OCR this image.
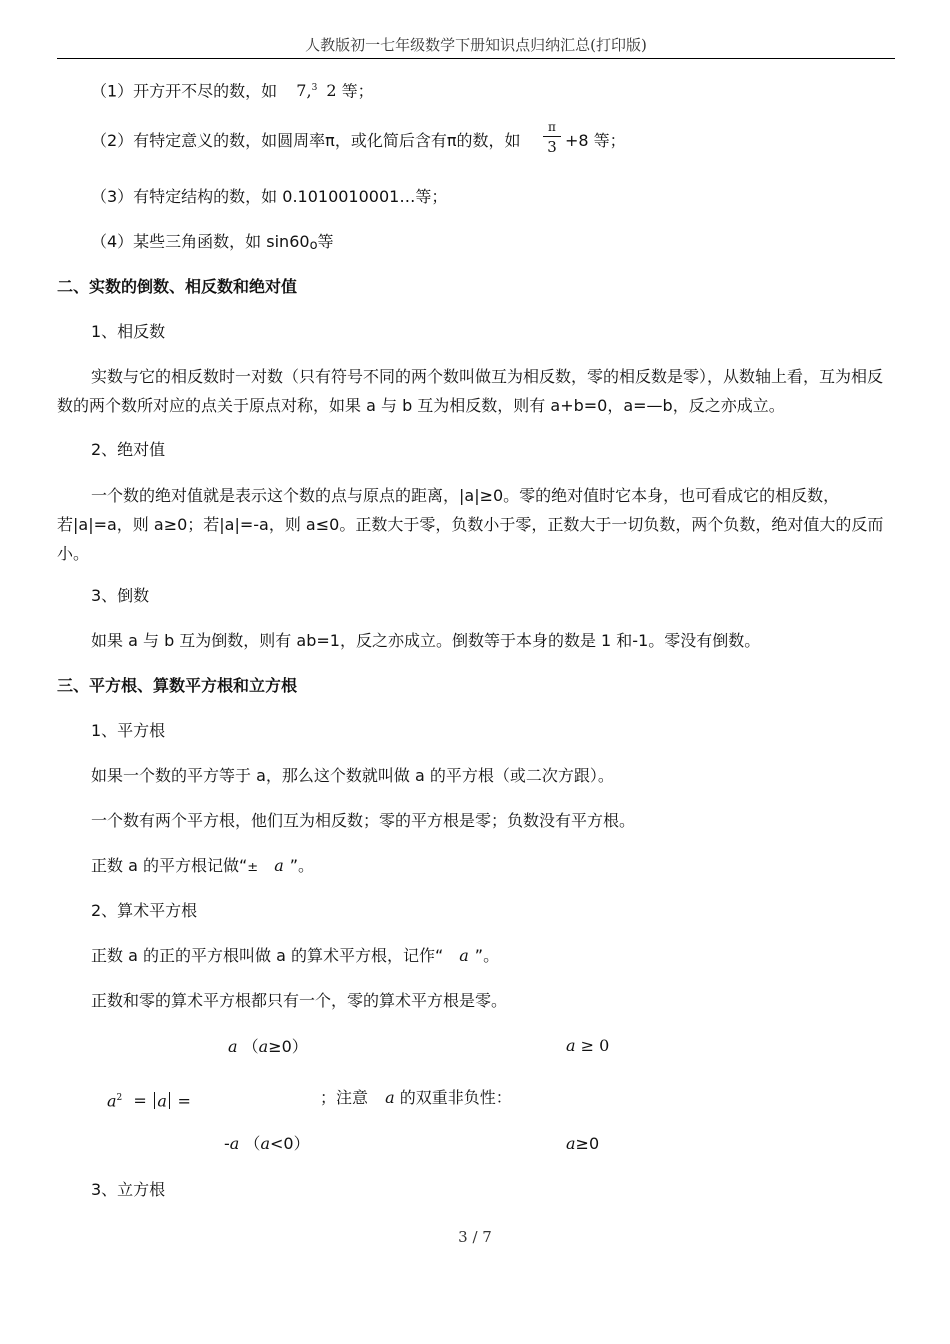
人教版初一七年级数学下册知识点归纳汇总(打印版)
（1）开方开不尽的数，如 7,$^3$ 2 等；
（2）有特定意义的数，如圆周率π，或化简后含有π的数，如
π
3 +8 等；
（3）有特定结构的数，如 0.1010010001…等；
（4）某些三角函数，如 sin60o等
二、实数的倒数、相反数和绝对值
1、相反数
实数与它的相反数时一对数（只有符号不同的两个数叫做互为相反数，零的相反数是零），从数轴上看，互为相反数的两个数所对应的点关于原点对称，如果 a 与 b 互为相反数，则有 a+b=0，a=—b，反之亦成立。
2、绝对值
一个数的绝对值就是表示这个数的点与原点的距离，|a|≥0。零的绝对值时它本身，也可看成它的相反数，若|a|=a，则 a≥0；若|a|=-a，则 a≤0。正数大于零，负数小于零，正数大于一切负数，两个负数，绝对值大的反而小。
3、倒数
如果 a 与 b 互为倒数，则有 ab=1，反之亦成立。倒数等于本身的数是 1 和-1。零没有倒数。
三、平方根、算数平方根和立方根
1、平方根
如果一个数的平方等于 a，那么这个数就叫做 a 的平方根（或二次方跟）。
一个数有两个平方根，他们互为相反数；零的平方根是零；负数没有平方根。
正数 a 的平方根记做“± a ”。
2、算术平方根
正数 a 的正的平方根叫做 a 的算术平方根，记作“ a ”。
正数和零的算术平方根都只有一个，零的算术平方根是零。
a （a≥0）	a ≥ 0
$a^2 = a$ =	；注意 a 的双重非负性：
-a （a<0）	a≥0
3、立方根
3 / 7
